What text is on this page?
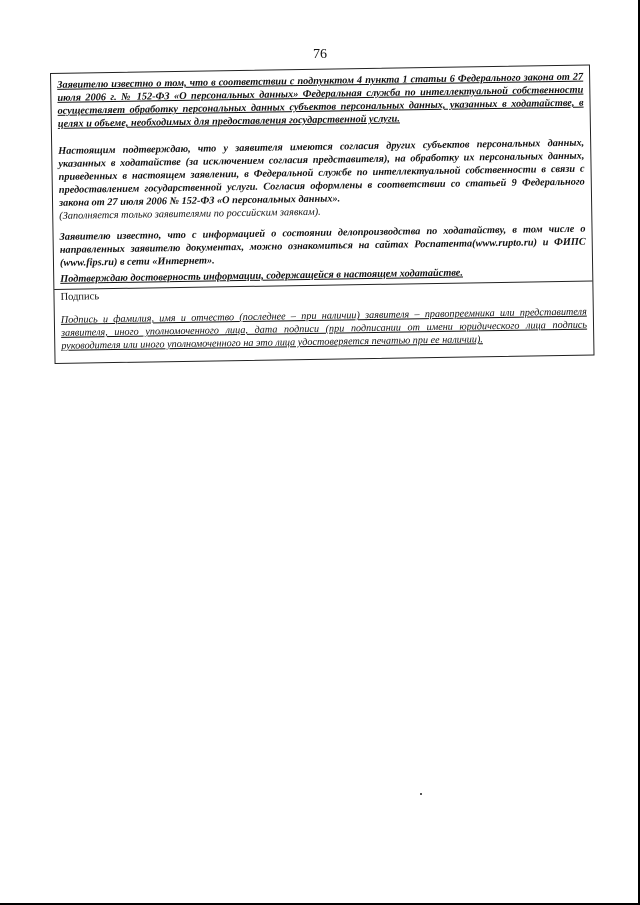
76

Заявителю известно о том, что в соответствии с подпунктом 4 пункта 1 статьи 6 Федерального закона от 27 июля 2006 г. № 152-ФЗ «О персональных данных» Федеральная служба по интеллектуальной собственности осуществляет обработку персональных данных субъектов персональных данных, указанных в ходатайстве, в целях и объеме, необходимых для предоставления государственной услуги.

Настоящим подтверждаю, что у заявителя имеются согласия других субъектов персональных данных, указанных в ходатайстве (за исключением согласия представителя), на обработку их персональных данных, приведенных в настоящем заявлении, в Федеральной службе по интеллектуальной собственности в связи с предоставлением государственной услуги. Согласия оформлены в соответствии со статьей 9 Федерального закона от 27 июля 2006 № 152-ФЗ «О персональных данных».

(Заполняется только заявителями по российским заявкам).

Заявителю известно, что с информацией о состоянии делопроизводства по ходатайству, в том числе о направленных заявителю документах, можно ознакомиться на сайтах Роспатента(www.rupto.ru) и ФИПС (www.fips.ru) в сети «Интернет».

Подтверждаю достоверность информации, содержащейся в настоящем ходатайстве.
Подпись
Подпись и фамилия, имя и отчество (последнее – при наличии) заявителя – правопреемника или представителя заявителя, иного уполномоченного лица, дата подписи (при подписании от имени юридического лица подпись руководителя или иного уполномоченного на это лица удостоверяется печатью при ее наличии).
